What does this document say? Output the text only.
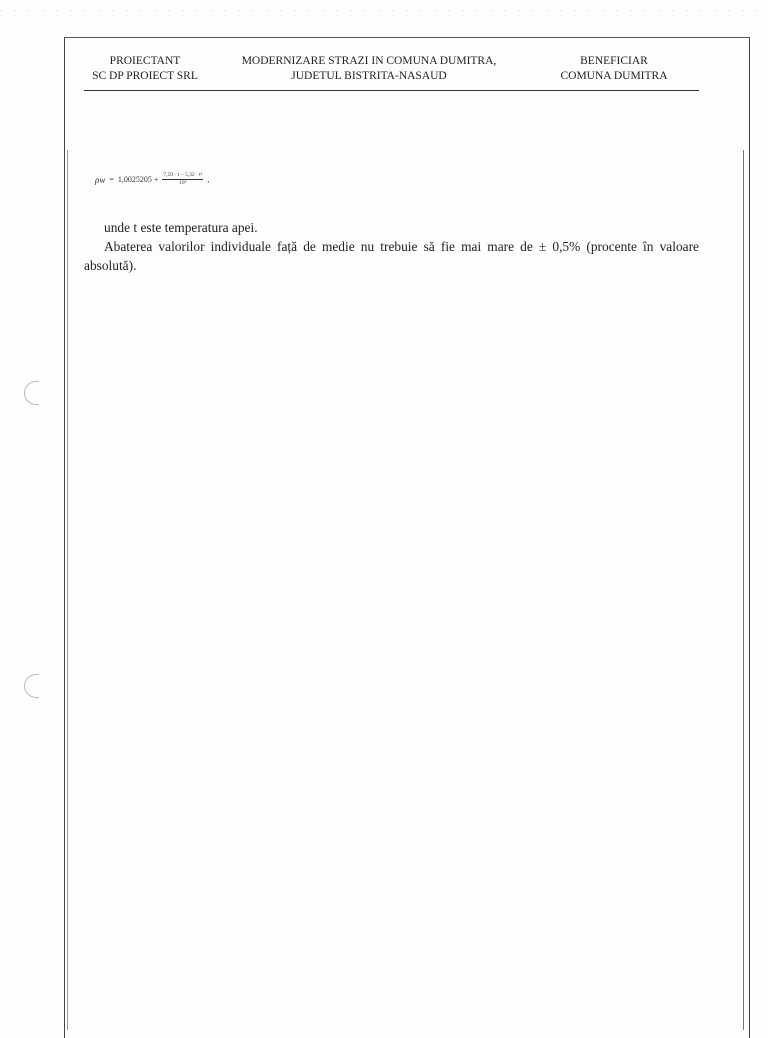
PROIECTANT
SC DP PROIECT SRL
MODERNIZARE STRAZI IN COMUNA DUMITRA,
JUDETUL BISTRITA-NASAUD
BENEFICIAR
COMUNA DUMITRA
$\rho w = 1,0025205 + \frac{\text{7,59 · t − 5,32 · t²}}{\text{10⁶}}$ ,

unde t este temperatura apei.

Abaterea valorilor individuale față de medie nu trebuie să fie mai mare de ± 0,5% (procente în valoare absolută).
